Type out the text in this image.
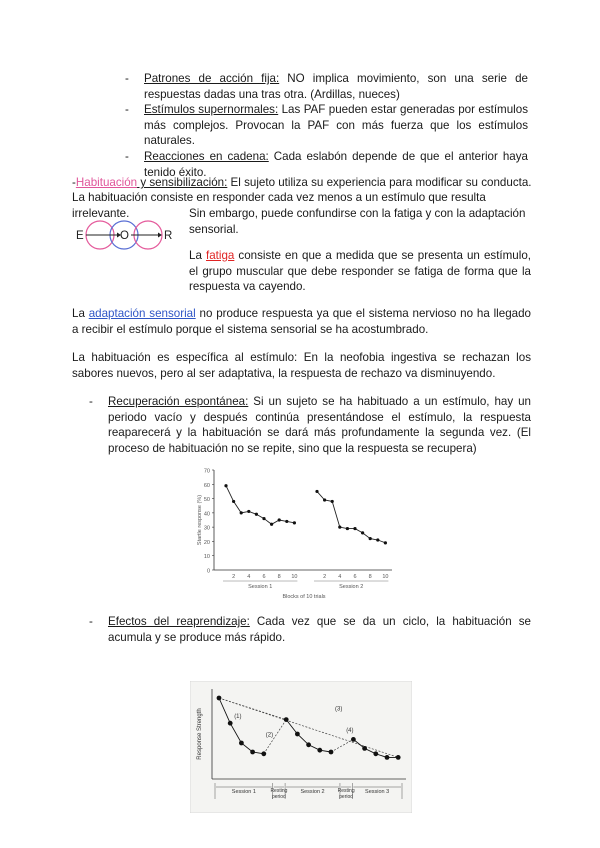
- Patrones de acción fija: NO implica movimiento, son una serie de respuestas dadas una tras otra. (Ardillas, nueces)
- Estímulos supernormales: Las PAF pueden estar generadas por estímulos más complejos. Provocan la PAF con más fuerza que los estímulos naturales.
- Reacciones en cadena: Cada eslabón depende de que el anterior haya tenido éxito.
-Habituación y sensibilización: El sujeto utiliza su experiencia para modificar su conducta.
La habituación consiste en responder cada vez menos a un estímulo que resulta irrelevante.
E	O	R
Sin embargo, puede confundirse con la fatiga y con la adaptación sensorial.
La fatiga consiste en que a medida que se presenta un estímulo, el grupo muscular que debe responder se fatiga de forma que la respuesta va cayendo.
La adaptación sensorial no produce respuesta ya que el sistema nervioso no ha llegado a recibir el estímulo porque el sistema sensorial se ha acostumbrado.
La habituación es específica al estímulo: En la neofobia ingestiva se rechazan los sabores nuevos, pero al ser adaptativa, la respuesta de rechazo va disminuyendo.
- Recuperación espontánea: Si un sujeto se ha habituado a un estímulo, hay un periodo vacío y después continúa presentándose el estímulo, la respuesta reaparecerá y la habituación se dará más profundamente la segunda vez. (El proceso de habituación no se repite, sino que la respuesta se recupera)
70
60
50
40
30
20
10
0
Startle response (%)
2 4 6 8 10
Session 1
2 4 6 8 10
Session 2
Blocks of 10 trials
- Efectos del reaprendizaje: Cada vez que se da un ciclo, la habituación se acumula y se produce más rápido.
Response Strength	(1)
(2)
(3)
(4)
Session 1	Resting
period
Session 2	Resting
period
Session 3
